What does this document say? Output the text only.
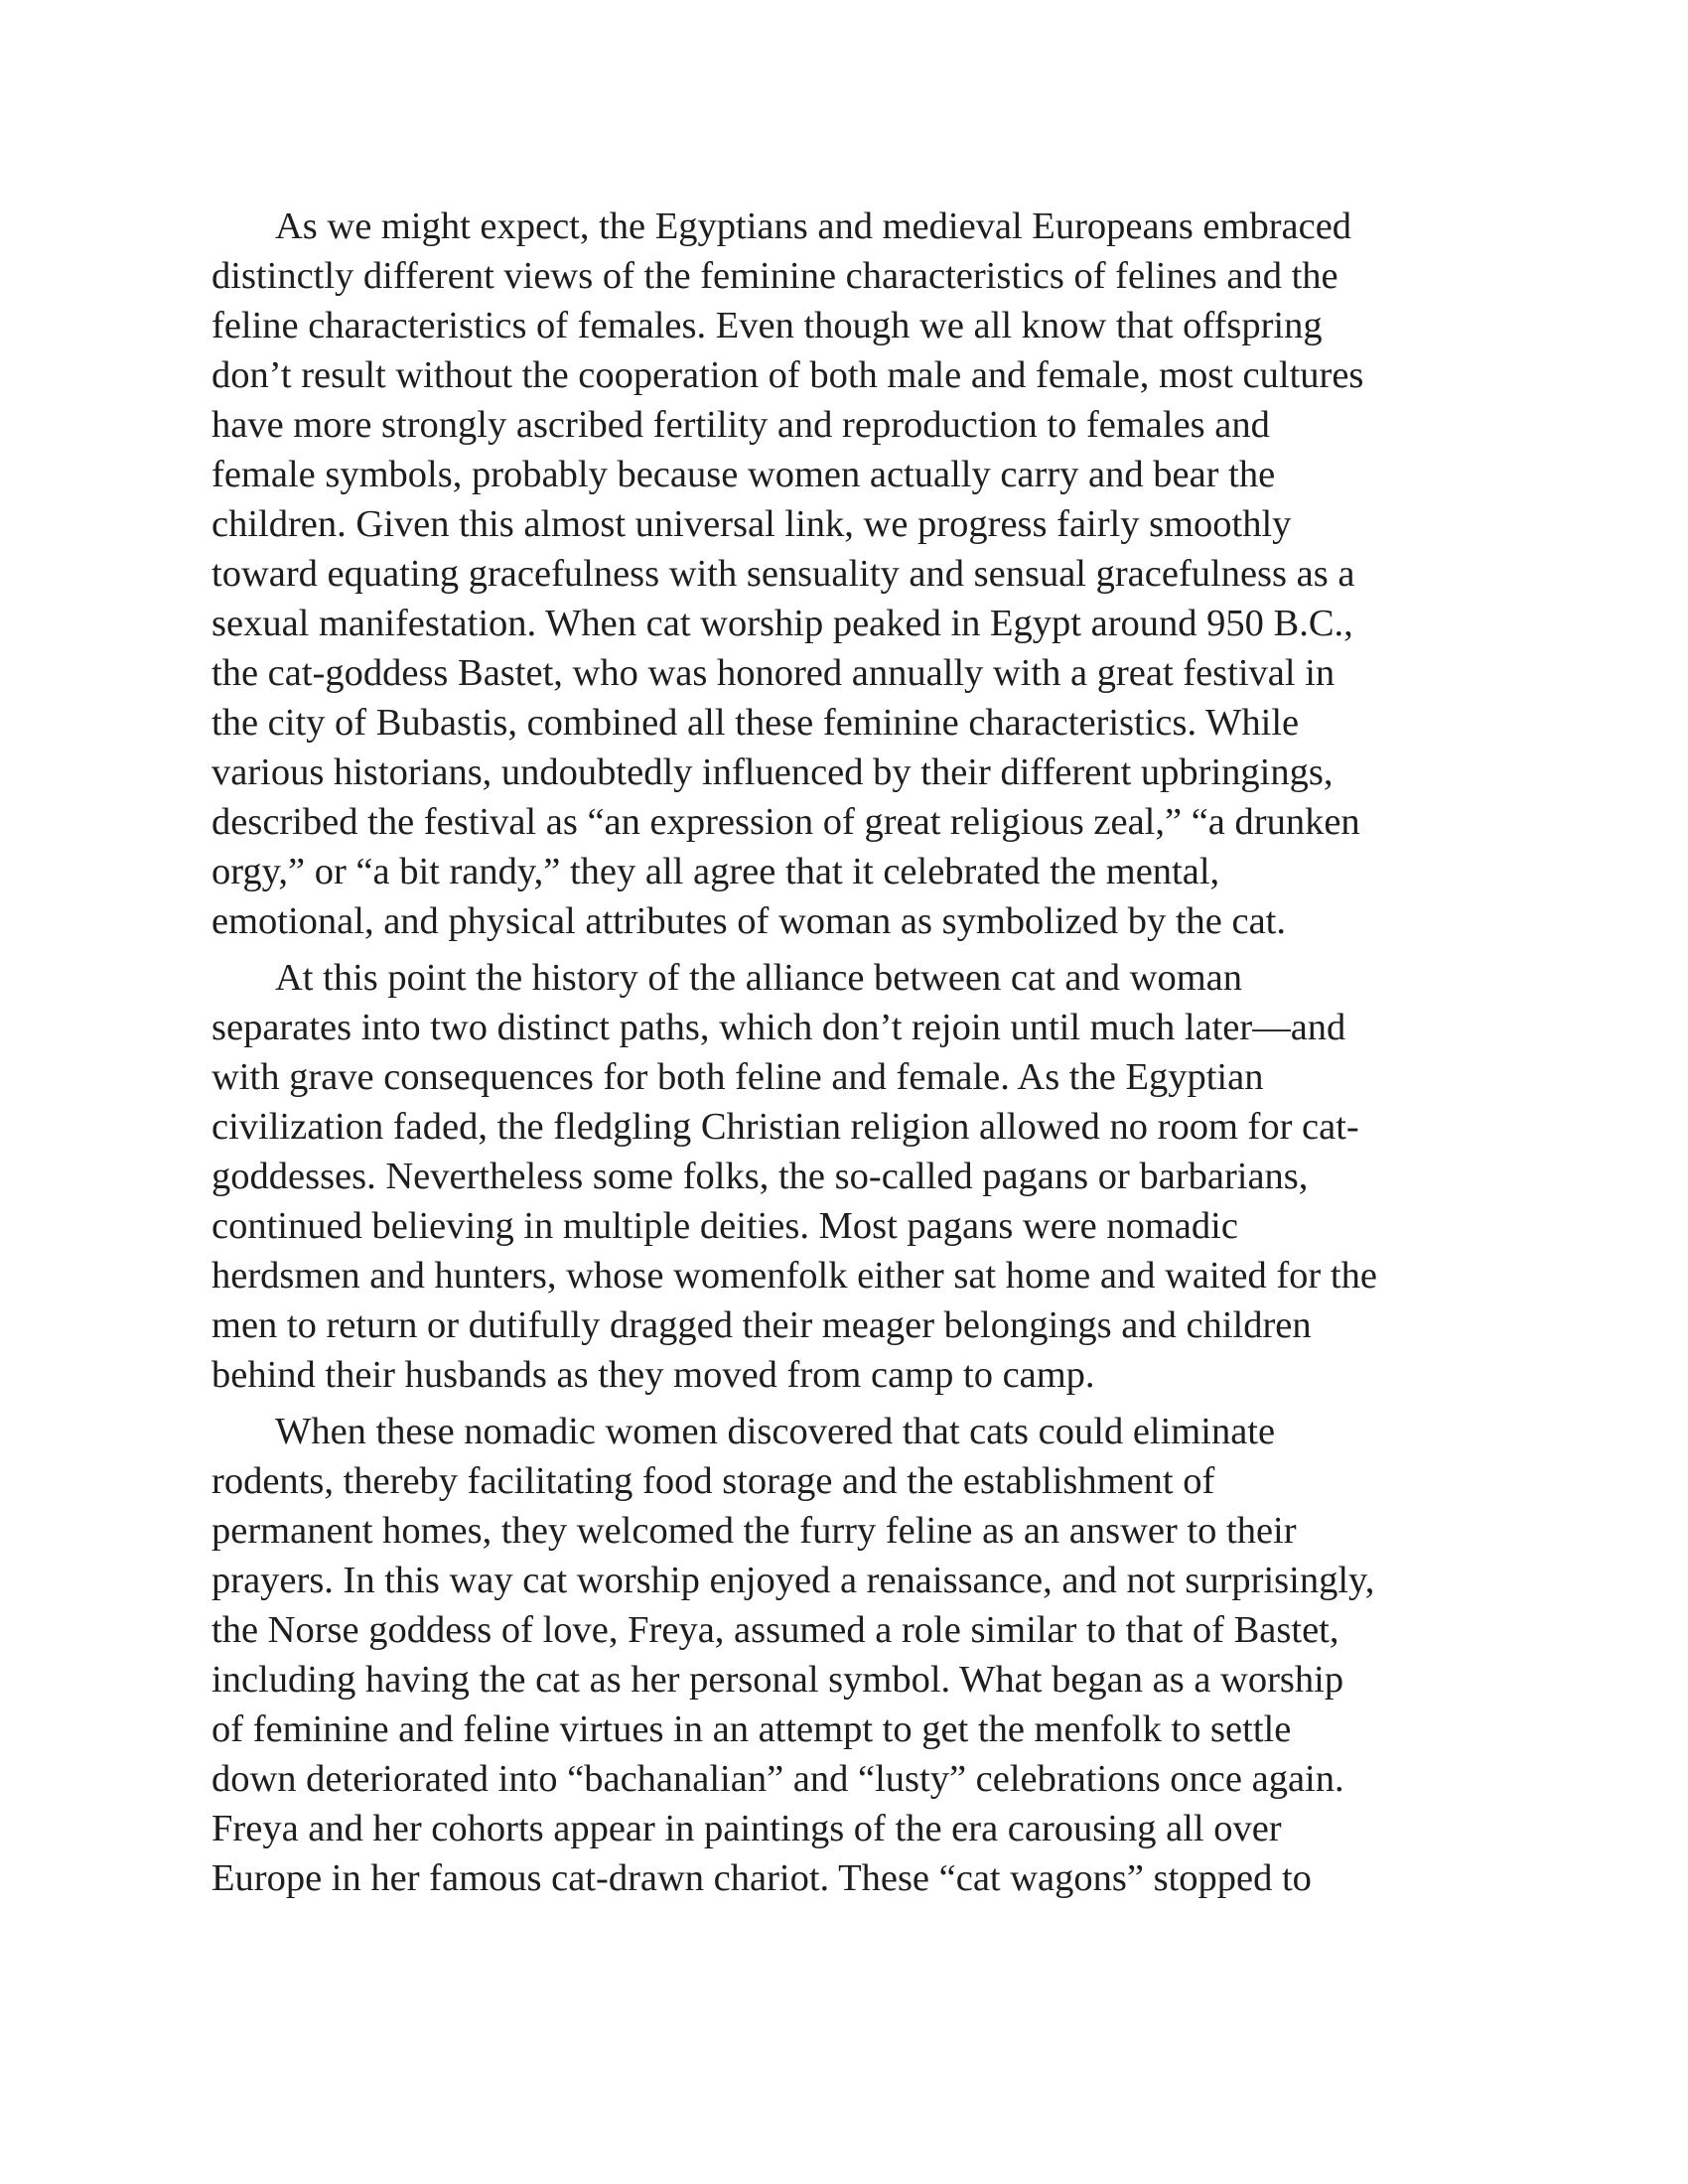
As we might expect, the Egyptians and medieval Europeans embraced
distinctly different views of the feminine characteristics of felines and the
feline characteristics of females. Even though we all know that offspring
don’t result without the cooperation of both male and female, most cultures
have more strongly ascribed fertility and reproduction to females and
female symbols, probably because women actually carry and bear the
children. Given this almost universal link, we progress fairly smoothly
toward equating gracefulness with sensuality and sensual gracefulness as a
sexual manifestation. When cat worship peaked in Egypt around 950 B.C.,
the cat-goddess Bastet, who was honored annually with a great festival in
the city of Bubastis, combined all these feminine characteristics. While
various historians, undoubtedly influenced by their different upbringings,
described the festival as “an expression of great religious zeal,” “a drunken
orgy,” or “a bit randy,” they all agree that it celebrated the mental,
emotional, and physical attributes of woman as symbolized by the cat.
At this point the history of the alliance between cat and woman
separates into two distinct paths, which don’t rejoin until much later—and
with grave consequences for both feline and female. As the Egyptian
civilization faded, the fledgling Christian religion allowed no room for cat-
goddesses. Nevertheless some folks, the so-called pagans or barbarians,
continued believing in multiple deities. Most pagans were nomadic
herdsmen and hunters, whose womenfolk either sat home and waited for the
men to return or dutifully dragged their meager belongings and children
behind their husbands as they moved from camp to camp.
When these nomadic women discovered that cats could eliminate
rodents, thereby facilitating food storage and the establishment of
permanent homes, they welcomed the furry feline as an answer to their
prayers. In this way cat worship enjoyed a renaissance, and not surprisingly,
the Norse goddess of love, Freya, assumed a role similar to that of Bastet,
including having the cat as her personal symbol. What began as a worship
of feminine and feline virtues in an attempt to get the menfolk to settle
down deteriorated into “bachanalian” and “lusty” celebrations once again.
Freya and her cohorts appear in paintings of the era carousing all over
Europe in her famous cat-drawn chariot. These “cat wagons” stopped to
